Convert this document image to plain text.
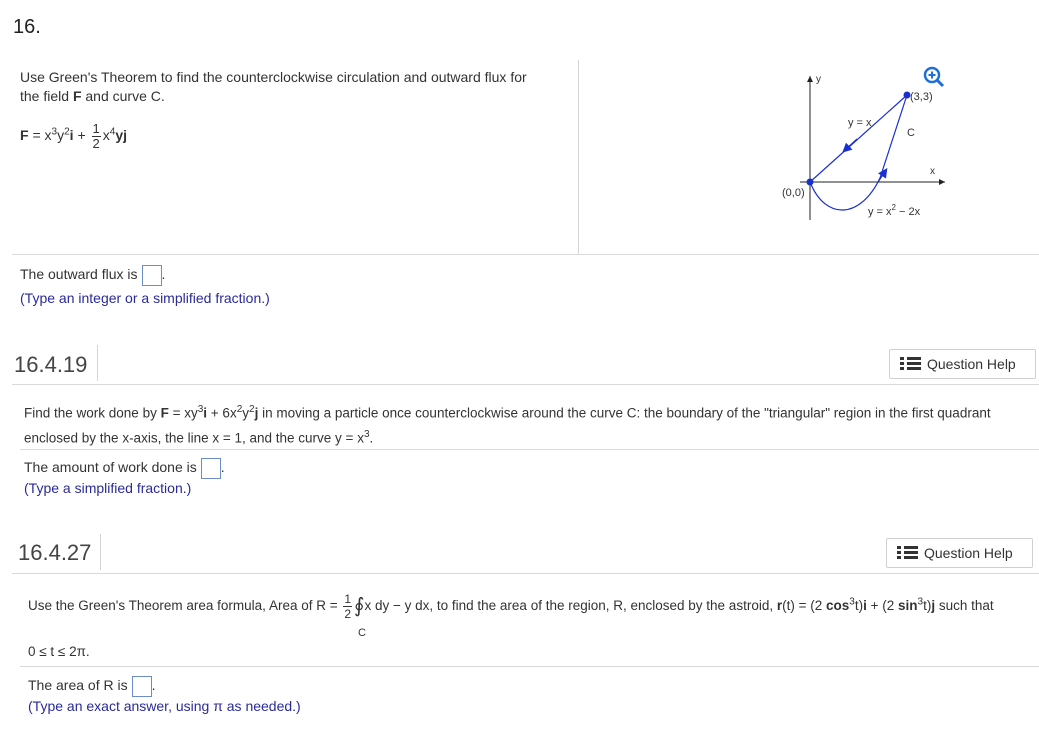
16.
Use Green's Theorem to find the counterclockwise circulation and outward flux for
the field F and curve C.
$F = x^3y^2i + \frac{1}{2} x^4yj$
y
x
(0,0)
(3,3)
y = x
C
$y = x^2 - 2x$
The outward flux is .
(Type an integer or a simplified fraction.)
16.4.19	Question Help
Find the work done by $F = xy^3i + 6x^2y^2j$ in moving a particle once counterclockwise around the curve C: the boundary of the "triangular" region in the first quadrant
enclosed by the x-axis, the line x = 1, and the curve $y = x^3$.
The amount of work done is .
(Type a simplified fraction.)
16.4.27	Question Help
Use the Green's Theorem area formula, Area of $R = \frac{1}{2}$ ∮
C
x dy − y dx, to find the area of the region, R, enclosed by the astroid, r(t) = (2 $\cos^3t)i + (2$ $\sin^3t)j$ such that
0 ≤ t ≤ 2π.
The area of R is .
(Type an exact answer, using π as needed.)
